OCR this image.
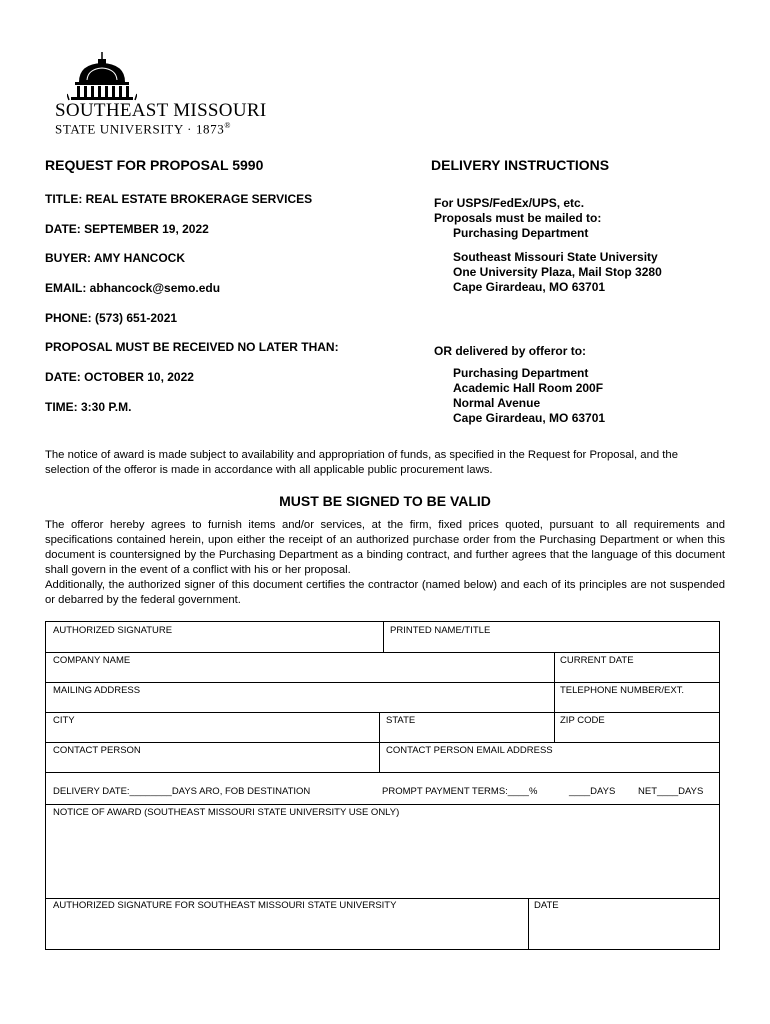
SOUTHEAST MISSOURI
STATE UNIVERSITY · 1873®
REQUEST FOR PROPOSAL 5990
TITLE: REAL ESTATE BROKERAGE SERVICES
DATE: SEPTEMBER 19, 2022
BUYER: AMY HANCOCK
EMAIL: abhancock@semo.edu
PHONE: (573) 651-2021
PROPOSAL MUST BE RECEIVED NO LATER THAN:
DATE: OCTOBER 10, 2022
TIME: 3:30 P.M.
DELIVERY INSTRUCTIONS
For USPS/FedEx/UPS, etc.
Proposals must be mailed to:
Purchasing Department
Southeast Missouri State University
One University Plaza, Mail Stop 3280
Cape Girardeau, MO 63701
OR delivered by offeror to:
Purchasing Department
Academic Hall Room 200F
Normal Avenue
Cape Girardeau, MO 63701
The notice of award is made subject to availability and appropriation of funds, as specified in the Request for Proposal, and the selection of the offeror is made in accordance with all applicable public procurement laws.
MUST BE SIGNED TO BE VALID
The offeror hereby agrees to furnish items and/or services, at the firm, fixed prices quoted, pursuant to all requirements and specifications contained herein, upon either the receipt of an authorized purchase order from the Purchasing Department or when this document is countersigned by the Purchasing Department as a binding contract, and further agrees that the language of this document shall govern in the event of a conflict with his or her proposal.
Additionally, the authorized signer of this document certifies the contractor (named below) and each of its principles are not suspended or debarred by the federal government.
AUTHORIZED SIGNATURE	PRINTED NAME/TITLE
COMPANY NAME	CURRENT DATE
MAILING ADDRESS	TELEPHONE NUMBER/EXT.
CITY	STATE	ZIP CODE
CONTACT PERSON	CONTACT PERSON EMAIL ADDRESS
DELIVERY DATE:________DAYS ARO, FOB DESTINATION	PROMPT PAYMENT TERMS:____%	____DAYS NET____DAYS
NOTICE OF AWARD (SOUTHEAST MISSOURI STATE UNIVERSITY USE ONLY)
AUTHORIZED SIGNATURE FOR SOUTHEAST MISSOURI STATE UNIVERSITY	DATE
